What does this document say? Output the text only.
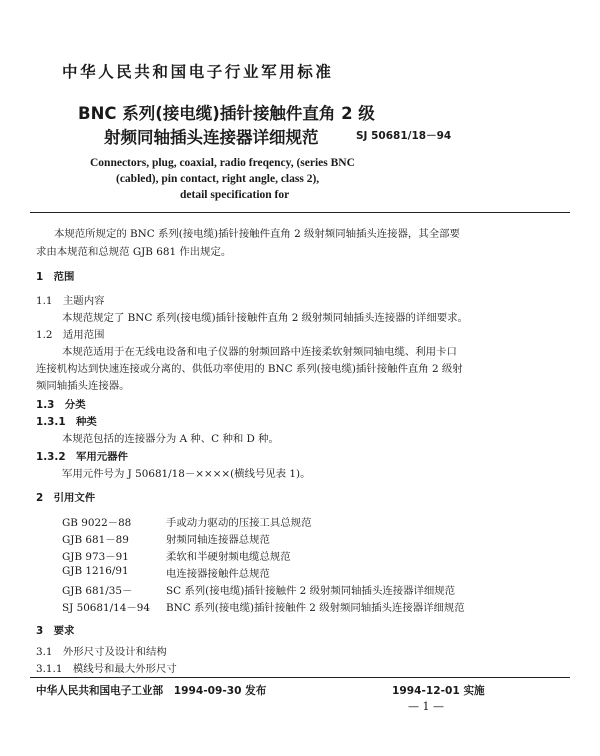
中华人民共和国电子行业军用标准
BNC 系列(接电缆)插针接触件直角 2 级
射频同轴插头连接器详细规范	SJ 50681/18－94
Connectors, plug, coaxial, radio freqency, (series BNC
(cabled), pin contact, right angle, class 2),
detail specification for
本规范所规定的 BNC 系列(接电缆)插针接触件直角 2 级射频同轴插头连接器，其全部要
求由本规范和总规范 GJB 681 作出规定。
1　范围
1.1　主题内容
本规范规定了 BNC 系列(接电缆)插针接触件直角 2 级射频同轴插头连接器的详细要求。
1.2　适用范围
本规范适用于在无线电设备和电子仪器的射频回路中连接柔软射频同轴电缆、利用卡口
连接机构达到快速连接或分离的、供低功率使用的 BNC 系列(接电缆)插针接触件直角 2 级射
频同轴插头连接器。
1.3　分类
1.3.1　种类
本规范包括的连接器分为 A 种、C 种和 D 种。
1.3.2　军用元器件
军用元件号为 J 50681/18－××××(横线号见表 1)。
2　引用文件
GB 9022－88	手或动力驱动的压接工具总规范
GJB 681－89	射频同轴连接器总规范
GJB 973－91	柔软和半硬射频电缆总规范
GJB 1216/91	电连接器接触件总规范
GJB 681/35－	SC 系列(接电缆)插针接触件 2 级射频同轴插头连接器详细规范
SJ 50681/14－94 BNC 系列(接电缆)插针接触件 2 级射频同轴插头连接器详细规范
3　要求
3.1　外形尺寸及设计和结构
3.1.1　模线号和最大外形尺寸
中华人民共和国电子工业部　1994-09-30 发布	1994-12-01 实施
— 1 —
